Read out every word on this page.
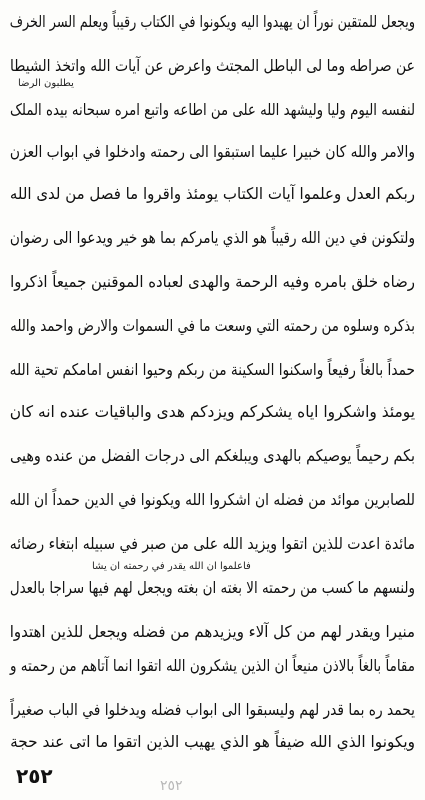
ويجعل للمتقين نوراً ان يهيدوا اليه ويكونوا في الكتاب رقيباً ويعلم السر الخرف
عن صراطه وما لی الباطل المجتث واعرض عن آیات الله واتخذ الشیطا
لنفسه اليوم وليا وليشهد الله علی من اطاعه واتبع امره سبحانه بیده الملک
والامر والله كان خبيرا عليما استبقوا الى رحمته وادخلوا في ابواب العزن
ربكم العدل وعلموا آيات الكتاب يومئذ واقروا ما فصل من لدى الله
ولتكونن في دين الله رقيباً هو الذي يامركم بما هو خير ويدعوا الى رضوان
رضاه خلق بامره وفيه الرحمة والهدى لعباده الموقنين جميعاً اذكروا
بذكره وسلوه من رحمته التي وسعت ما في السموات والارض واحمد والله
حمداً بالغاً رفيعاً واسكنوا السكينة من ربكم وحيوا انفس امامكم تحية الله
يومئذ واشكروا اياه يشكركم ويزدكم هدى والباقيات عنده انه كان
بكم رحيماً يوصيكم بالهدى ويبلغكم الى درجات الفضل من عنده وهيى
للصابرين موائد من فضله ان اشكروا الله ويكونوا في الدين حمداً ان الله
مائدة اعدت للذين اتقوا ويزيد الله على من صبر في سبيله ابتغاء رضائه
ولنسهم ما كسب من رحمته الا بغته ان بغته ويجعل لهم فيها سراجا بالعدل
منيرا ويقدر لهم من كل آلاء ويزيدهم من فضله ويجعل للذين اهتدوا
مقاماً بالغاً بالاذن منيعاً ان الذين يشكرون الله اتقوا انما آتاهم من رحمته و
يحمد ره بما قدر لهم وليسبقوا الى ابواب فضله ويدخلوا في الباب صغيراً
ويكونوا الذي الله ضيفاً هو الذي يهيب الذين اتقوا ما اتى عند حجة
يطلبون الرضا
فاعلموا ان الله يقدر في رحمته ان يشا
٢٥٢	٢٥٢
